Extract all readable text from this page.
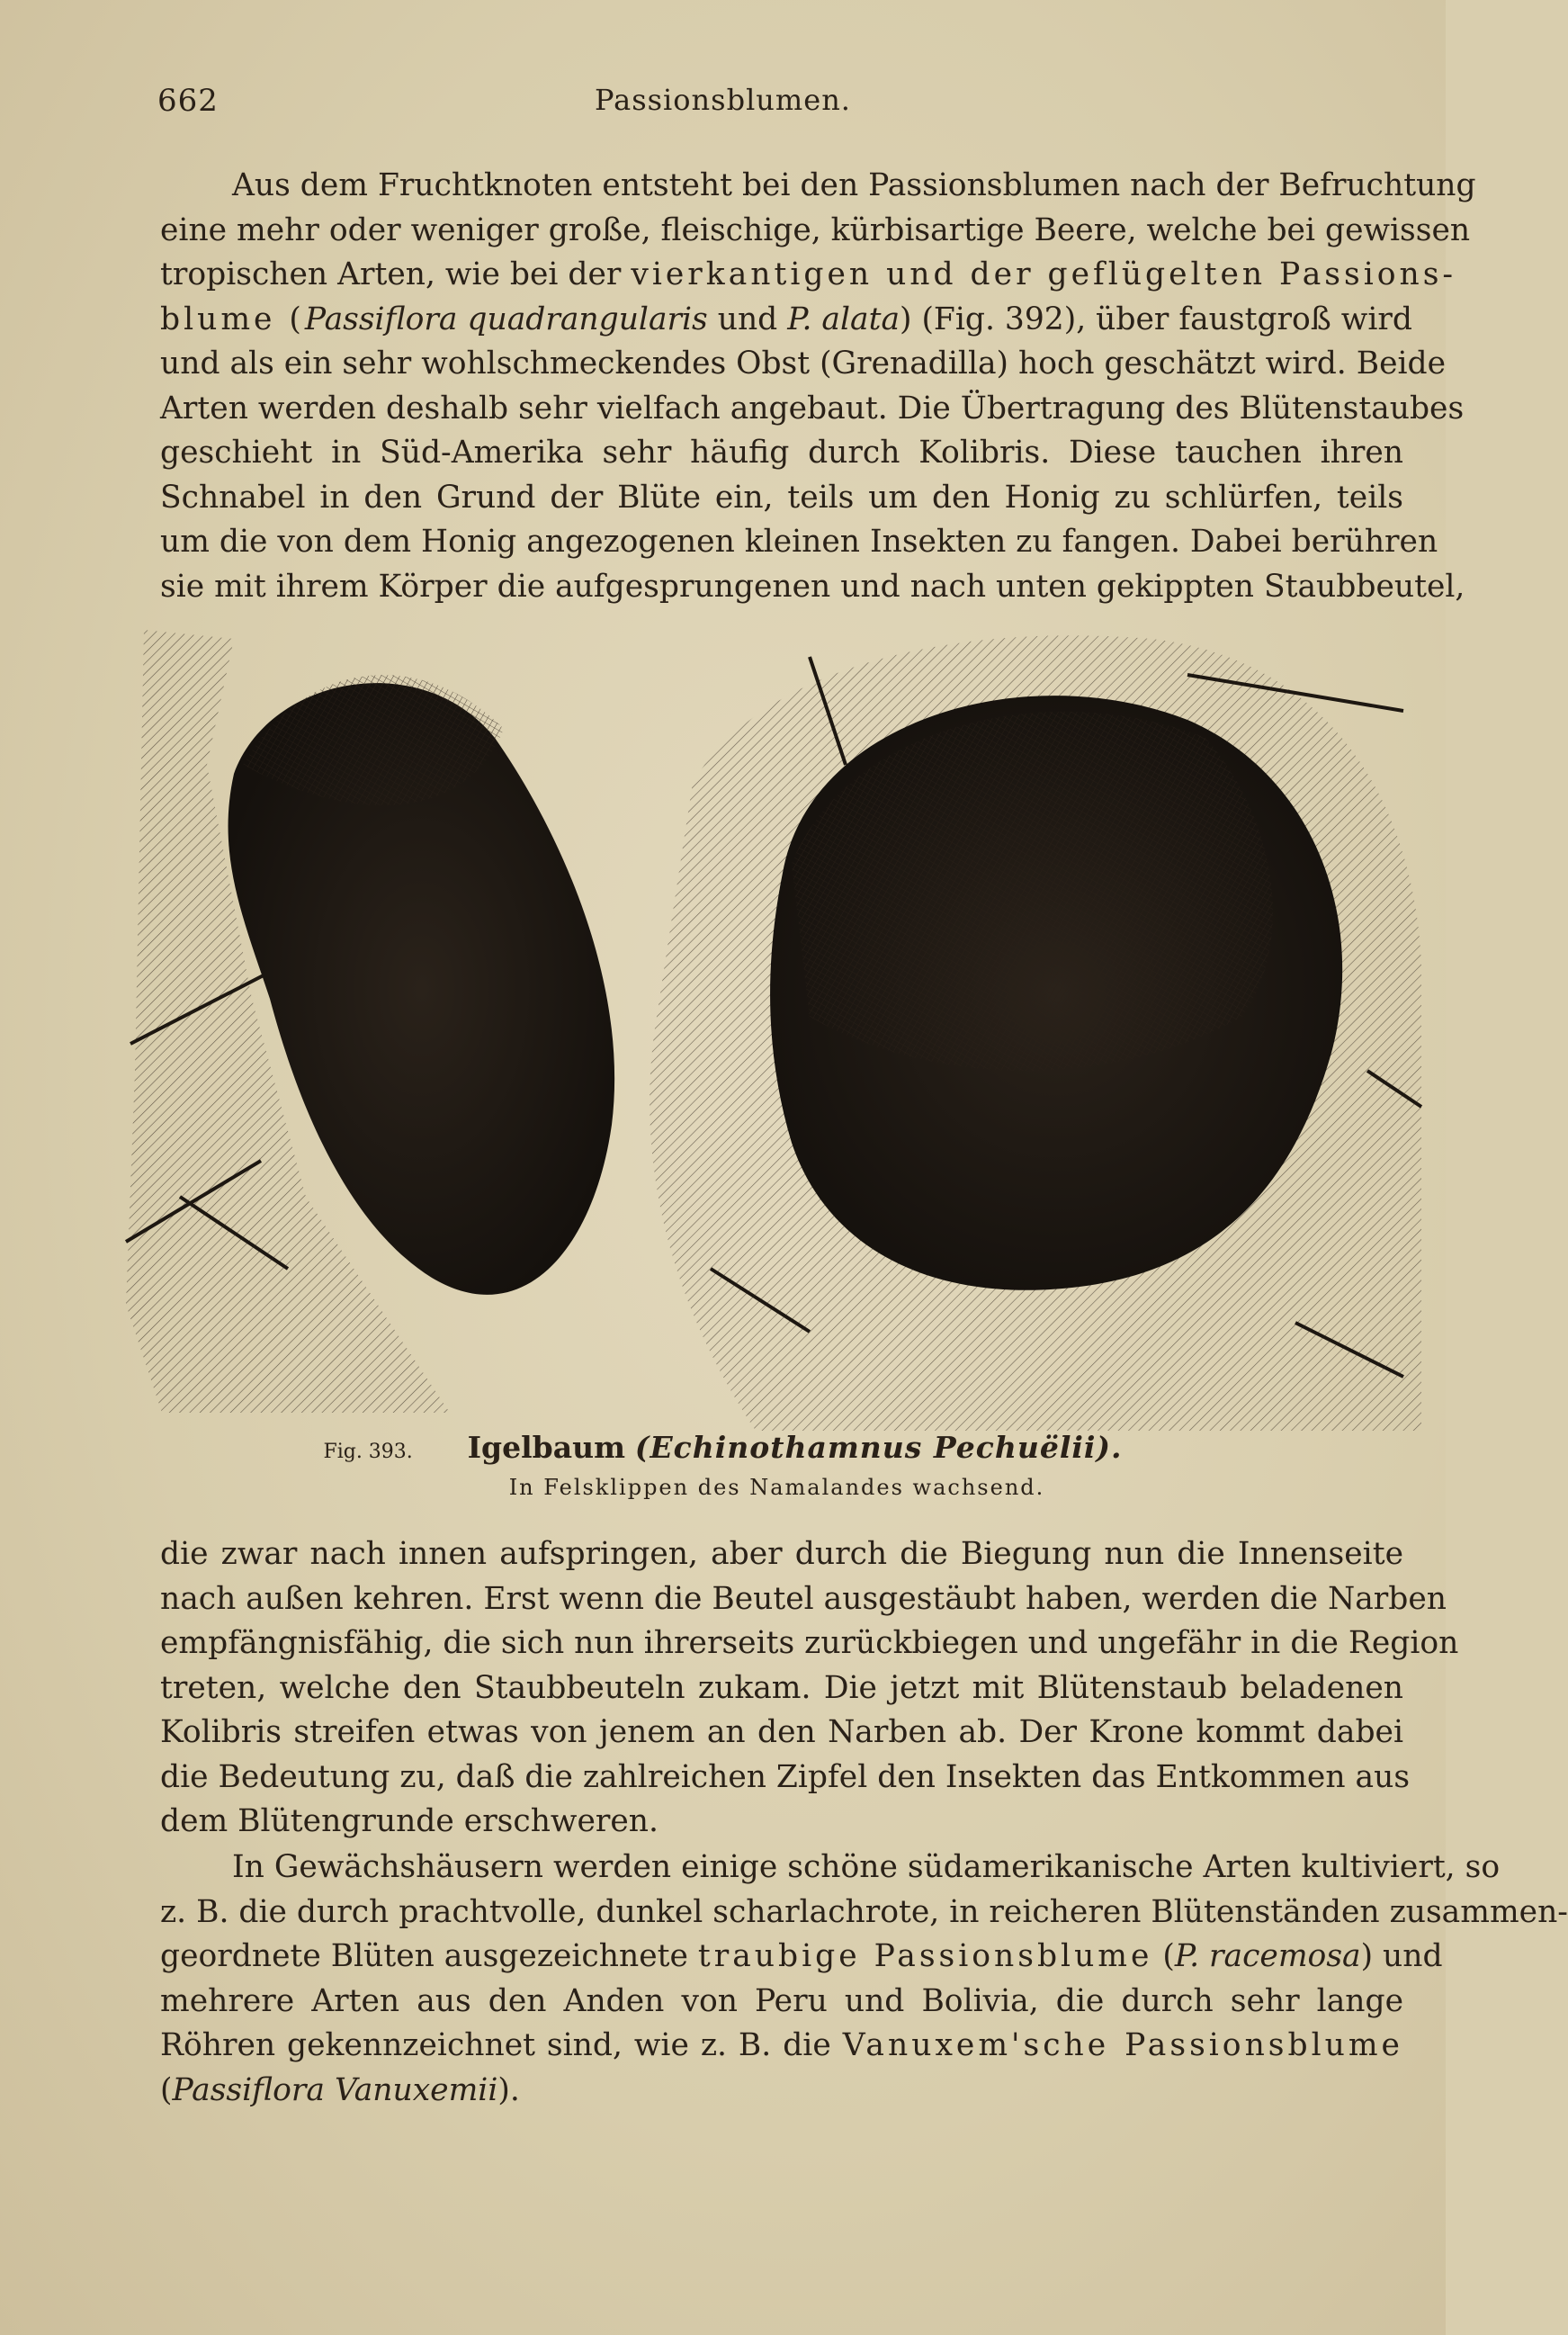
662	Passionsblumen.
Aus dem Fruchtknoten entsteht bei den Passionsblumen nach der Befruchtung
eine mehr oder weniger große, fleischige, kürbisartige Beere, welche bei gewissen
tropischen Arten, wie bei der vierkantigen und der geflügelten Passions-
blume (Passiflora quadrangularis und P. alata) (Fig. 392), über faustgroß wird
und als ein sehr wohlschmeckendes Obst (Grenadilla) hoch geschätzt wird. Beide
Arten werden deshalb sehr vielfach angebaut. Die Übertragung des Blütenstaubes
geschieht in Süd-Amerika sehr häufig durch Kolibris. Diese tauchen ihren
Schnabel in den Grund der Blüte ein, teils um den Honig zu schlürfen, teils
um die von dem Honig angezogenen kleinen Insekten zu fangen. Dabei berühren
sie mit ihrem Körper die aufgesprungenen und nach unten gekippten Staubbeutel,
Fig. 393. Igelbaum (Echinothamnus Pechuëlii).
In Felsklippen des Namalandes wachsend.
die zwar nach innen aufspringen, aber durch die Biegung nun die Innenseite
nach außen kehren. Erst wenn die Beutel ausgestäubt haben, werden die Narben
empfängnisfähig, die sich nun ihrerseits zurückbiegen und ungefähr in die Region
treten, welche den Staubbeuteln zukam. Die jetzt mit Blütenstaub beladenen
Kolibris streifen etwas von jenem an den Narben ab. Der Krone kommt dabei
die Bedeutung zu, daß die zahlreichen Zipfel den Insekten das Entkommen aus
dem Blütengrunde erschweren.
In Gewächshäusern werden einige schöne südamerikanische Arten kultiviert, so
z. B. die durch prachtvolle, dunkel scharlachrote, in reicheren Blütenständen zusammen-
geordnete Blüten ausgezeichnete traubige Passionsblume (P. racemosa) und
mehrere Arten aus den Anden von Peru und Bolivia, die durch sehr lange
Röhren gekennzeichnet sind, wie z. B. die Vanuxem'sche Passionsblume
(Passiflora Vanuxemii).
